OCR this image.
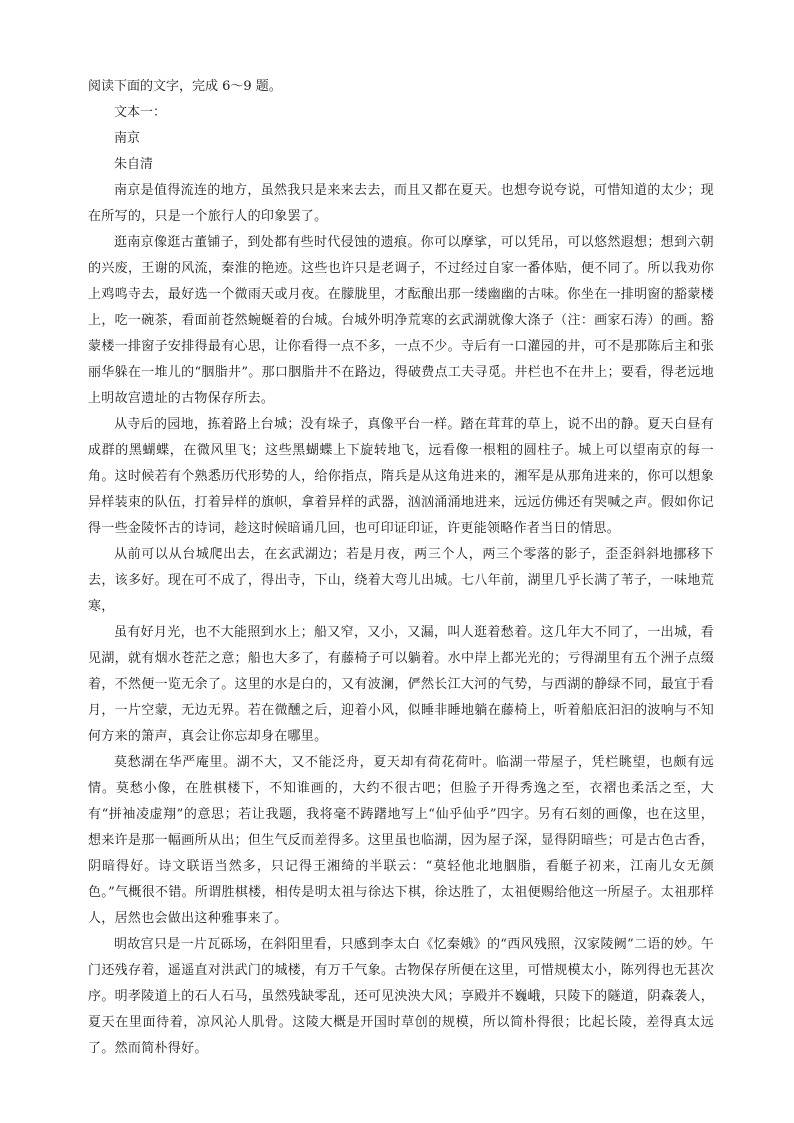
阅读下面的文字，完成 6～9 题。

文本一：

南京

朱自清

南京是值得流连的地方，虽然我只是来来去去，而且又都在夏天。也想夸说夸说，可惜知道的太少；现在所写的，只是一个旅行人的印象罢了。

逛南京像逛古董铺子，到处都有些时代侵蚀的遗痕。你可以摩挲，可以凭吊，可以悠然遐想；想到六朝的兴废，王谢的风流，秦淮的艳迹。这些也许只是老调子，不过经过自家一番体贴，便不同了。所以我劝你上鸡鸣寺去，最好选一个微雨天或月夜。在朦胧里，才酝酿出那一缕幽幽的古味。你坐在一排明窗的豁蒙楼上，吃一碗茶，看面前苍然蜿蜒着的台城。台城外明净荒寒的玄武湖就像大涤子（注：画家石涛）的画。豁蒙楼一排窗子安排得最有心思，让你看得一点不多，一点不少。寺后有一口灌园的井，可不是那陈后主和张丽华躲在一堆儿的“胭脂井”。那口胭脂井不在路边，得破费点工夫寻觅。井栏也不在井上；要看，得老远地上明故宫遗址的古物保存所去。

从寺后的园地，拣着路上台城；没有垛子，真像平台一样。踏在茸茸的草上，说不出的静。夏天白昼有成群的黑蝴蝶，在微风里飞；这些黑蝴蝶上下旋转地飞，远看像一根粗的圆柱子。城上可以望南京的每一角。这时候若有个熟悉历代形势的人，给你指点，隋兵是从这角进来的，湘军是从那角进来的，你可以想象异样装束的队伍，打着异样的旗帜，拿着异样的武器，汹汹涌涌地进来，远远仿佛还有哭喊之声。假如你记得一些金陵怀古的诗词，趁这时候暗诵几回，也可印证印证，许更能领略作者当日的情思。

从前可以从台城爬出去，在玄武湖边；若是月夜，两三个人，两三个零落的影子，歪歪斜斜地挪移下去，该多好。现在可不成了，得出寺，下山，绕着大弯儿出城。七八年前，湖里几乎长满了苇子，一味地荒寒，

虽有好月光，也不大能照到水上；船又窄，又小，又漏，叫人逛着愁着。这几年大不同了，一出城，看见湖，就有烟水苍茫之意；船也大多了，有藤椅子可以躺着。水中岸上都光光的；亏得湖里有五个洲子点缀着，不然便一览无余了。这里的水是白的，又有波澜，俨然长江大河的气势，与西湖的静绿不同，最宜于看月，一片空蒙，无边无界。若在微醺之后，迎着小风，似睡非睡地躺在藤椅上，听着船底汩汩的波响与不知何方来的箫声，真会让你忘却身在哪里。

莫愁湖在华严庵里。湖不大，又不能泛舟，夏天却有荷花荷叶。临湖一带屋子，凭栏眺望，也颇有远情。莫愁小像，在胜棋楼下，不知谁画的，大约不很古吧；但脸子开得秀逸之至，衣褶也柔活之至，大有“拼袖凌虚翔”的意思；若让我题，我将毫不踌躇地写上“仙乎仙乎”四字。另有石刻的画像，也在这里，想来许是那一幅画所从出；但生气反而差得多。这里虽也临湖，因为屋子深，显得阴暗些；可是古色古香，阴暗得好。诗文联语当然多，只记得王湘绮的半联云：“莫轻他北地胭脂，看艇子初来，江南儿女无颜色。”气概很不错。所谓胜棋楼，相传是明太祖与徐达下棋，徐达胜了，太祖便赐给他这一所屋子。太祖那样人，居然也会做出这种雅事来了。

明故宫只是一片瓦砾场，在斜阳里看，只感到李太白《忆秦娥》的“西风残照，汉家陵阙”二语的妙。午门还残存着，遥遥直对洪武门的城楼，有万千气象。古物保存所便在这里，可惜规模太小，陈列得也无甚次序。明孝陵道上的石人石马，虽然残缺零乱，还可见泱泱大风；享殿并不巍峨，只陵下的隧道，阴森袭人，夏天在里面待着，凉风沁人肌骨。这陵大概是开国时草创的规模，所以简朴得很；比起长陵，差得真太远了。然而简朴得好。
